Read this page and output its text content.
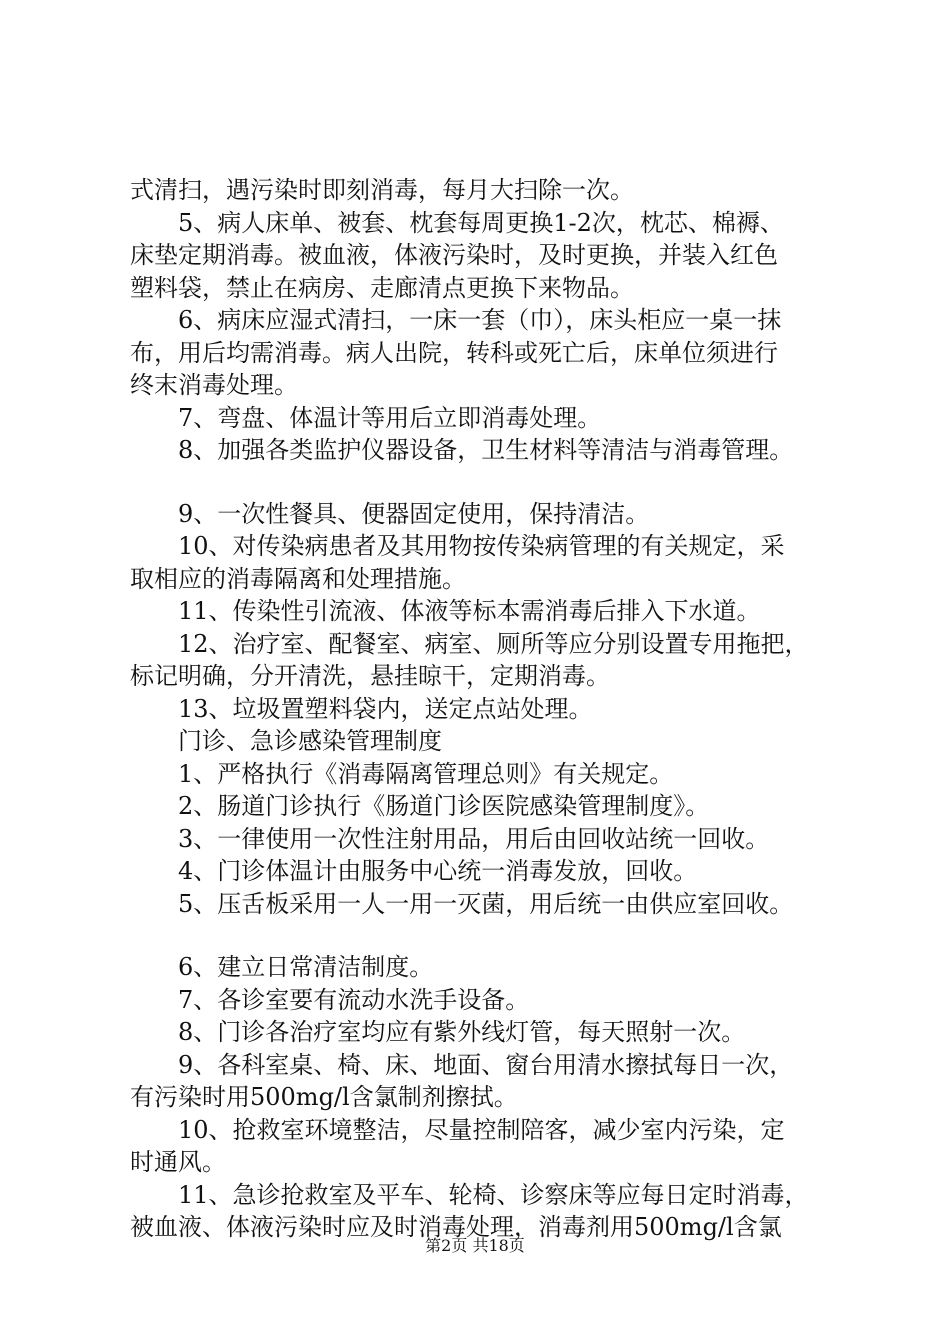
式清扫，遇污染时即刻消毒，每月大扫除一次。
　　5、病人床单、被套、枕套每周更换1-2次，枕芯、棉褥、
床垫定期消毒。被血液，体液污染时，及时更换，并装入红色
塑料袋，禁止在病房、走廊清点更换下来物品。
　　6、病床应湿式清扫，一床一套（巾），床头柜应一桌一抹
布，用后均需消毒。病人出院，转科或死亡后，床单位须进行
终末消毒处理。
　　7、弯盘、体温计等用后立即消毒处理。
　　8、加强各类监护仪器设备，卫生材料等清洁与消毒管理。
　　9、一次性餐具、便器固定使用，保持清洁。
　　10、对传染病患者及其用物按传染病管理的有关规定，采
取相应的消毒隔离和处理措施。
　　11、传染性引流液、体液等标本需消毒后排入下水道。
　　12、治疗室、配餐室、病室、厕所等应分别设置专用拖把，
标记明确，分开清洗，悬挂晾干，定期消毒。
　　13、垃圾置塑料袋内，送定点站处理。
　　门诊、急诊感染管理制度
　　1、严格执行《消毒隔离管理总则》有关规定。
　　2、肠道门诊执行《肠道门诊医院感染管理制度》。
　　3、一律使用一次性注射用品，用后由回收站统一回收。
　　4、门诊体温计由服务中心统一消毒发放，回收。
　　5、压舌板采用一人一用一灭菌，用后统一由供应室回收。
　　6、建立日常清洁制度。
　　7、各诊室要有流动水洗手设备。
　　8、门诊各治疗室均应有紫外线灯管，每天照射一次。
　　9、各科室桌、椅、床、地面、窗台用清水擦拭每日一次，
有污染时用500mg/l含氯制剂擦拭。
　　10、抢救室环境整洁，尽量控制陪客，减少室内污染，定
时通风。
　　11、急诊抢救室及平车、轮椅、诊察床等应每日定时消毒，
被血液、体液污染时应及时消毒处理，消毒剂用500mg/l含氯
第2页 共18页
